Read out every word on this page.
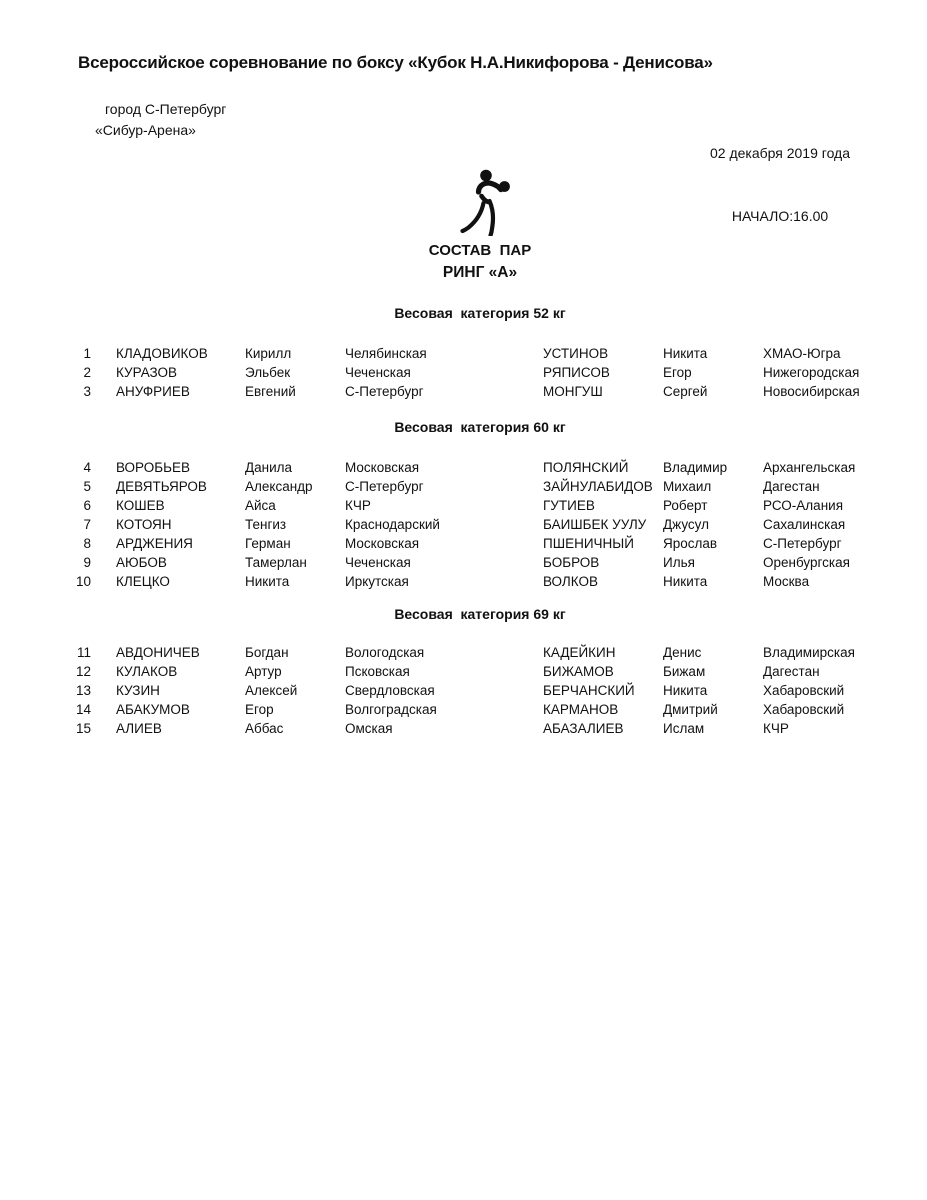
Всероссийское соревнование по боксу «Кубок Н.А.Никифорова - Денисова»
город С-Петербург
«Сибур-Арена»

02 декабря 2019 года

НАЧАЛО:16.00

СОСТАВ  ПАР
РИНГ «А»
Весовая  категория 52 кг
1	КЛАДОВИКОВ	Кирилл	Челябинская	УСТИНОВ	Никита	ХМАО-Югра
2	КУРАЗОВ	Эльбек	Чеченская	РЯПИСОВ	Егор	Нижегородская
3	АНУФРИЕВ	Евгений	С-Петербург	МОНГУШ	Сергей	Новосибирская
Весовая  категория 60 кг
4	ВОРОБЬЕВ	Данила	Московская	ПОЛЯНСКИЙ	Владимир	Архангельская
5	ДЕВЯТЬЯРОВ	Александр	С-Петербург	ЗАЙНУЛАБИДОВ Михаил	Дагестан
6	КОШЕВ	Айса	КЧР	ГУТИЕВ	Роберт	РСО-Алания
7	КОТОЯН	Тенгиз	Краснодарский	БАИШБЕК УУЛУ	Джусул	Сахалинская
8	АРДЖЕНИЯ	Герман	Московская	ПШЕНИЧНЫЙ	Ярослав	С-Петербург
9	АЮБОВ	Тамерлан	Чеченская	БОБРОВ	Илья	Оренбургская
10	КЛЕЦКО	Никита	Иркутская	ВОЛКОВ	Никита	Москва
Весовая  категория 69 кг
11	АВДОНИЧЕВ	Богдан	Вологодская	КАДЕЙКИН	Денис	Владимирская
12	КУЛАКОВ	Артур	Псковская	БИЖАМОВ	Бижам	Дагестан
13	КУЗИН	Алексей	Свердловская	БЕРЧАНСКИЙ	Никита	Хабаровский
14	АБАКУМОВ	Егор	Волгоградская	КАРМАНОВ	Дмитрий	Хабаровский
15	АЛИЕВ	Аббас	Омская	АБАЗАЛИЕВ	Ислам	КЧР
